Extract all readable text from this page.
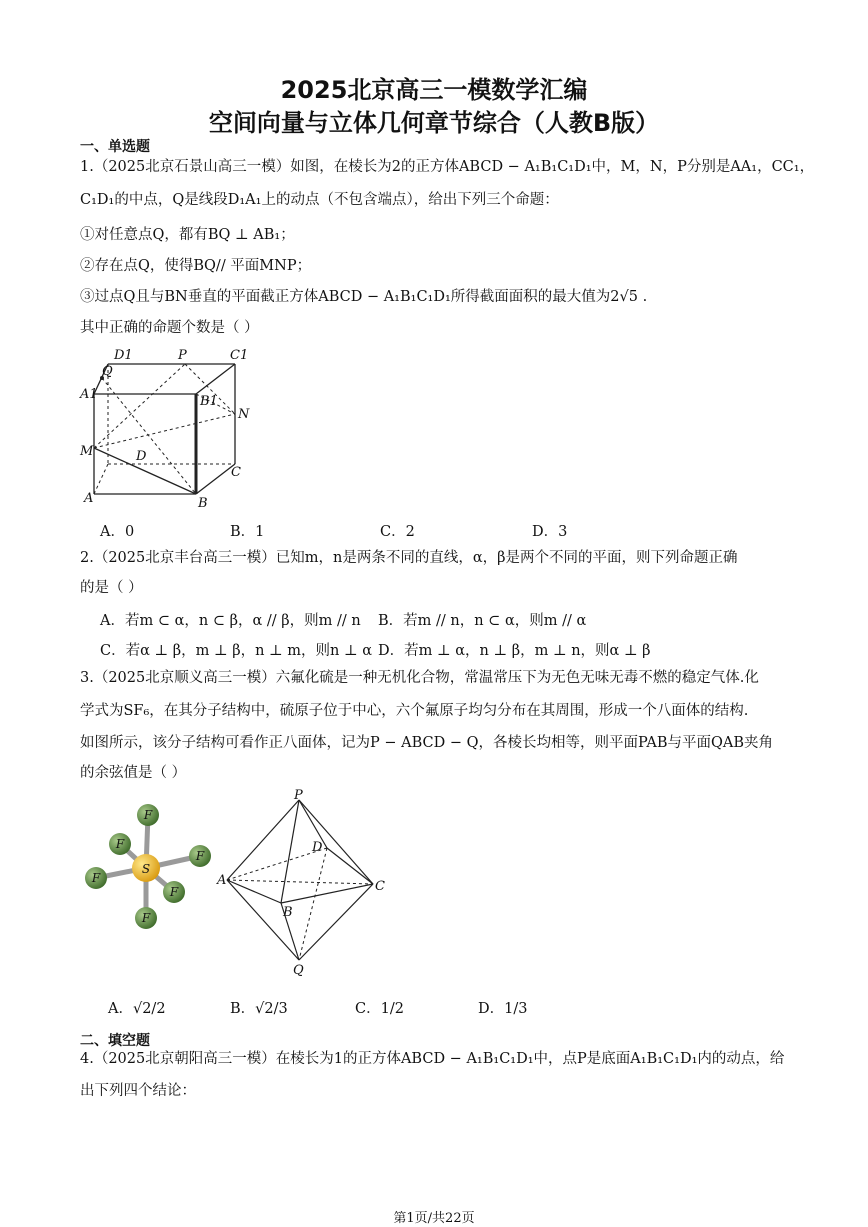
2025北京高三一模数学汇编
空间向量与立体几何章节综合（人教B版）
一、单选题
1.（2025北京石景山高三一模）如图，在棱长为2的正方体ABCD − A₁B₁C₁D₁中，M，N，P分别是AA₁，CC₁，
C₁D₁的中点，Q是线段D₁A₁上的动点（不包含端点），给出下列三个命题：
①对任意点Q，都有BQ ⊥ AB₁；
②存在点Q，使得BQ// 平面MNP；
③过点Q且与BN垂直的平面截正方体ABCD − A₁B₁C₁D₁所得截面面积的最大值为2√5 .
其中正确的命题个数是（ ）
D1	P	C1
Q
A1	B1
N
M	D
C
A	B
A．0	B．1	C．2	D．3
2.（2025北京丰台高三一模）已知m，n是两条不同的直线，α，β是两个不同的平面，则下列命题正确
的是（ ）
A．若m ⊂ α，n ⊂ β，α // β，则m // n B．若m // n，n ⊂ α，则m // α
C．若α ⊥ β，m ⊥ β，n ⊥ m，则n ⊥ α D．若m ⊥ α，n ⊥ β，m ⊥ n，则α ⊥ β
3.（2025北京顺义高三一模）六氟化硫是一种无机化合物，常温常压下为无色无味无毒不燃的稳定气体.化
学式为SF₆，在其分子结构中，硫原子位于中心，六个氟原子均匀分布在其周围，形成一个八面体的结构.
如图所示，该分子结构可看作正八面体，记为P − ABCD − Q，各棱长均相等，则平面PAB与平面QAB夹角
的余弦值是（ ）
F
F
F
F
F
F
S
P
D
A	C
B
Q
A．√2/2	B．√2/3	C．1/2	D．1/3
二、填空题
4.（2025北京朝阳高三一模）在棱长为1的正方体ABCD − A₁B₁C₁D₁中，点P是底面A₁B₁C₁D₁内的动点，给
出下列四个结论：
第1页/共22页
